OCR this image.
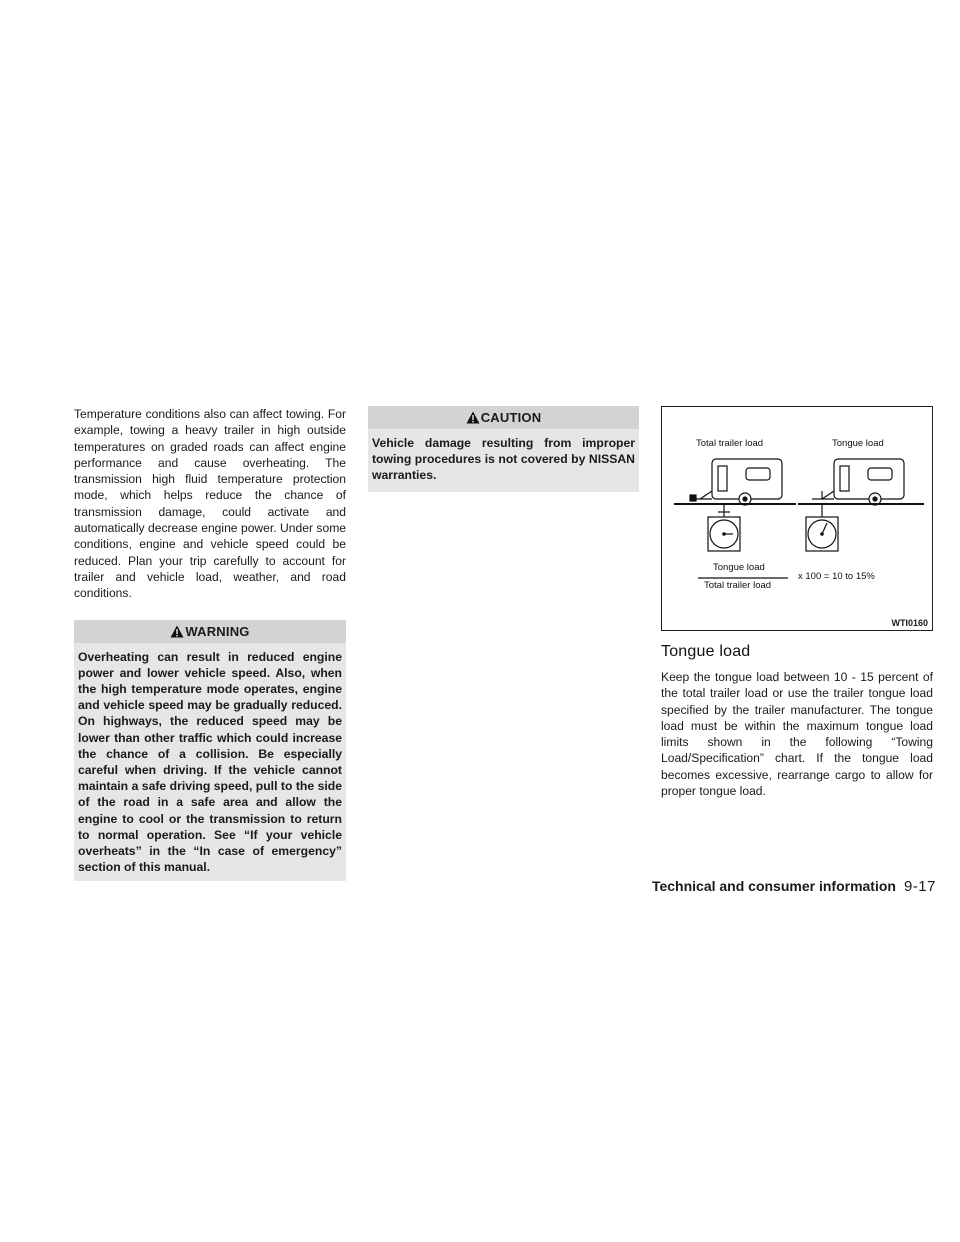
Temperature conditions also can affect towing. For example, towing a heavy trailer in high outside temperatures on graded roads can affect engine performance and cause overheating. The transmission high fluid temperature protection mode, which helps reduce the chance of transmission damage, could activate and automatically decrease engine power. Under some conditions, engine and vehicle speed could be reduced. Plan your trip carefully to account for trailer and vehicle load, weather, and road conditions.

WARNING

Overheating can result in reduced engine power and lower vehicle speed. Also, when the high temperature mode operates, engine and vehicle speed may be gradually reduced. On highways, the reduced speed may be lower than other traffic which could increase the chance of a collision. Be especially careful when driving. If the vehicle cannot maintain a safe driving speed, pull to the side of the road in a safe area and allow the engine to cool or the transmission to return to normal operation. See “If your vehicle overheats” in the “In case of emergency” section of this manual.

CAUTION

Vehicle damage resulting from improper towing procedures is not covered by NISSAN warranties.

Total trailer load	Tongue load
Tongue load
Total trailer load
x 100 = 10 to 15%
WTI0160
Tongue load

Keep the tongue load between 10 - 15 percent of the total trailer load or use the trailer tongue load specified by the trailer manufacturer. The tongue load must be within the maximum tongue load limits shown in the following “Towing Load/Specification” chart. If the tongue load becomes excessive, rearrange cargo to allow for proper tongue load.

Technical and consumer information 9-17
